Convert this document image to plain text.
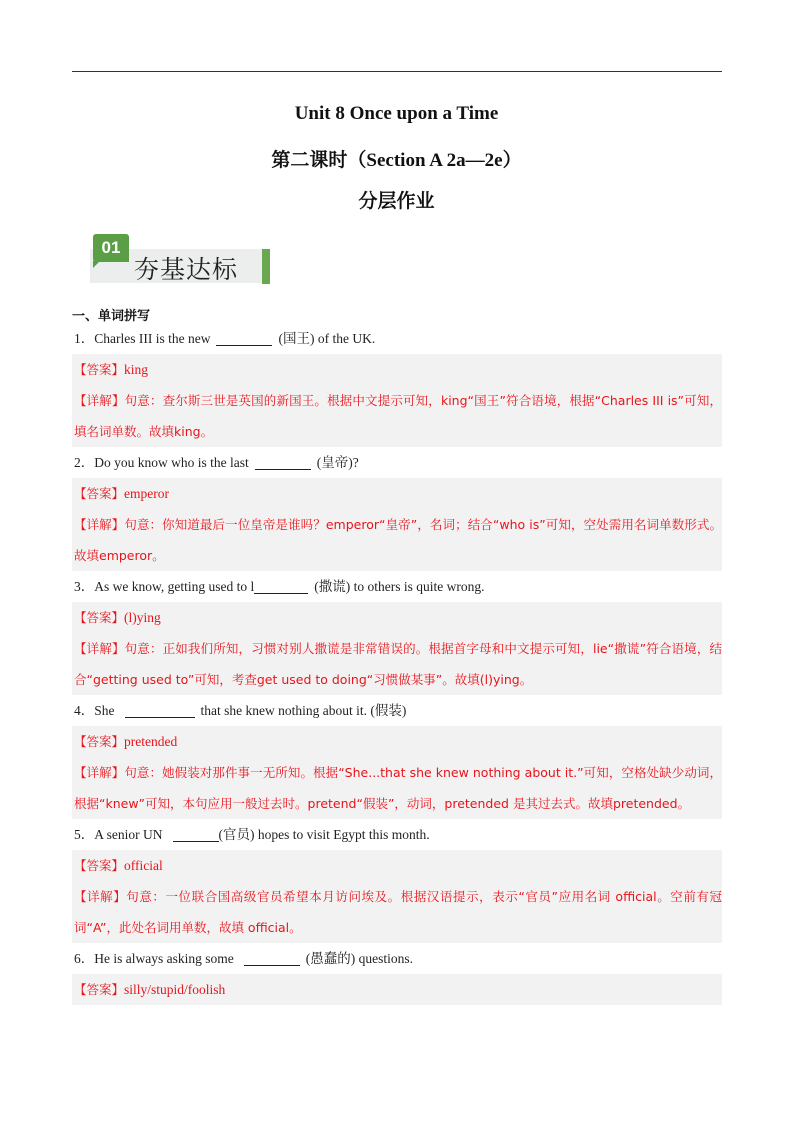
Unit 8 Once upon a Time
第二课时（Section A 2a—2e）
分层作业
01
夯基达标
一、单词拼写
1．Charles III is the new	(国王) of the UK.
【答案】king
【详解】句意：查尔斯三世是英国的新国王。根据中文提示可知，king“国王”符合语境，根据“Charles III is”可知，填名词单数。故填king。
2．Do you know who is the last	(皇帝)?
【答案】emperor
【详解】句意：你知道最后一位皇帝是谁吗？emperor“皇帝”，名词；结合“who is”可知，空处需用名词单数形式。故填emperor。
3．As we know, getting used to l	(撒谎) to others is quite wrong.
【答案】(l)ying
【详解】句意：正如我们所知，习惯对别人撒谎是非常错误的。根据首字母和中文提示可知，lie“撒谎”符合语境，结合“getting used to”可知，考查get used to doing“习惯做某事”。故填(l)ying。
4．She	that she knew nothing about it. (假装)
【答案】pretended
【详解】句意：她假装对那件事一无所知。根据“She...that she knew nothing about it.”可知，空格处缺少动词，根据“knew”可知，本句应用一般过去时。pretend“假装”，动词，pretended 是其过去式。故填pretended。
5．A senior UN	(官员) hopes to visit Egypt this month.
【答案】official
【详解】句意：一位联合国高级官员希望本月访问埃及。根据汉语提示，表示“官员”应用名词 official。空前有冠词“A”，此处名词用单数，故填 official。
6．He is always asking some	(愚蠢的) questions.
【答案】silly/stupid/foolish
